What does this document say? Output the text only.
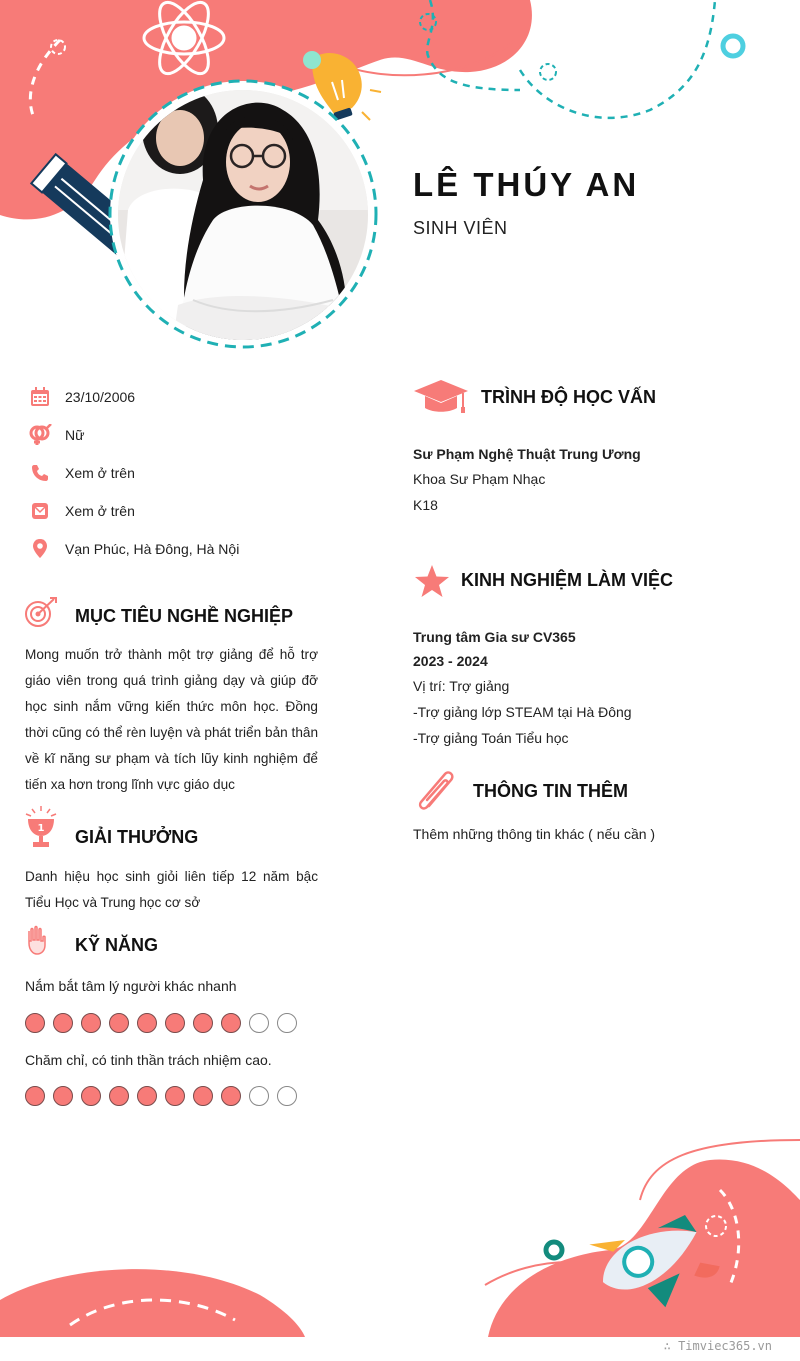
LÊ THÚY AN
SINH VIÊN
23/10/2006
Nữ
Xem ở trên
Xem ở trên
Vạn Phúc, Hà Đông, Hà Nội
MỤC TIÊU NGHỀ NGHIỆP
Mong muốn trở thành một trợ giảng để hỗ trợ giáo viên trong quá trình giảng dạy và giúp đỡ học sinh nắm vững kiến thức môn học. Đồng thời cũng có thể rèn luyện và phát triển bản thân về kĩ năng sư phạm và tích lũy kinh nghiệm để tiến xa hơn trong lĩnh vực giáo dục
1 GIẢI THƯỞNG
Danh hiệu học sinh giỏi liên tiếp 12 năm bậc Tiểu Học và Trung học cơ sở
KỸ NĂNG
Nắm bắt tâm lý người khác nhanh
Chăm chỉ, có tinh thần trách nhiệm cao.
TRÌNH ĐỘ HỌC VẤN
Sư Phạm Nghệ Thuật Trung Ương
Khoa Sư Phạm Nhạc
K18
KINH NGHIỆM LÀM VIỆC
Trung tâm Gia sư CV365
2023 - 2024
Vị trí: Trợ giảng
-Trợ giảng lớp STEAM tại Hà Đông
-Trợ giảng Toán Tiểu học
THÔNG TIN THÊM
Thêm những thông tin khác ( nếu cần )
∴ Timviec365.vn
